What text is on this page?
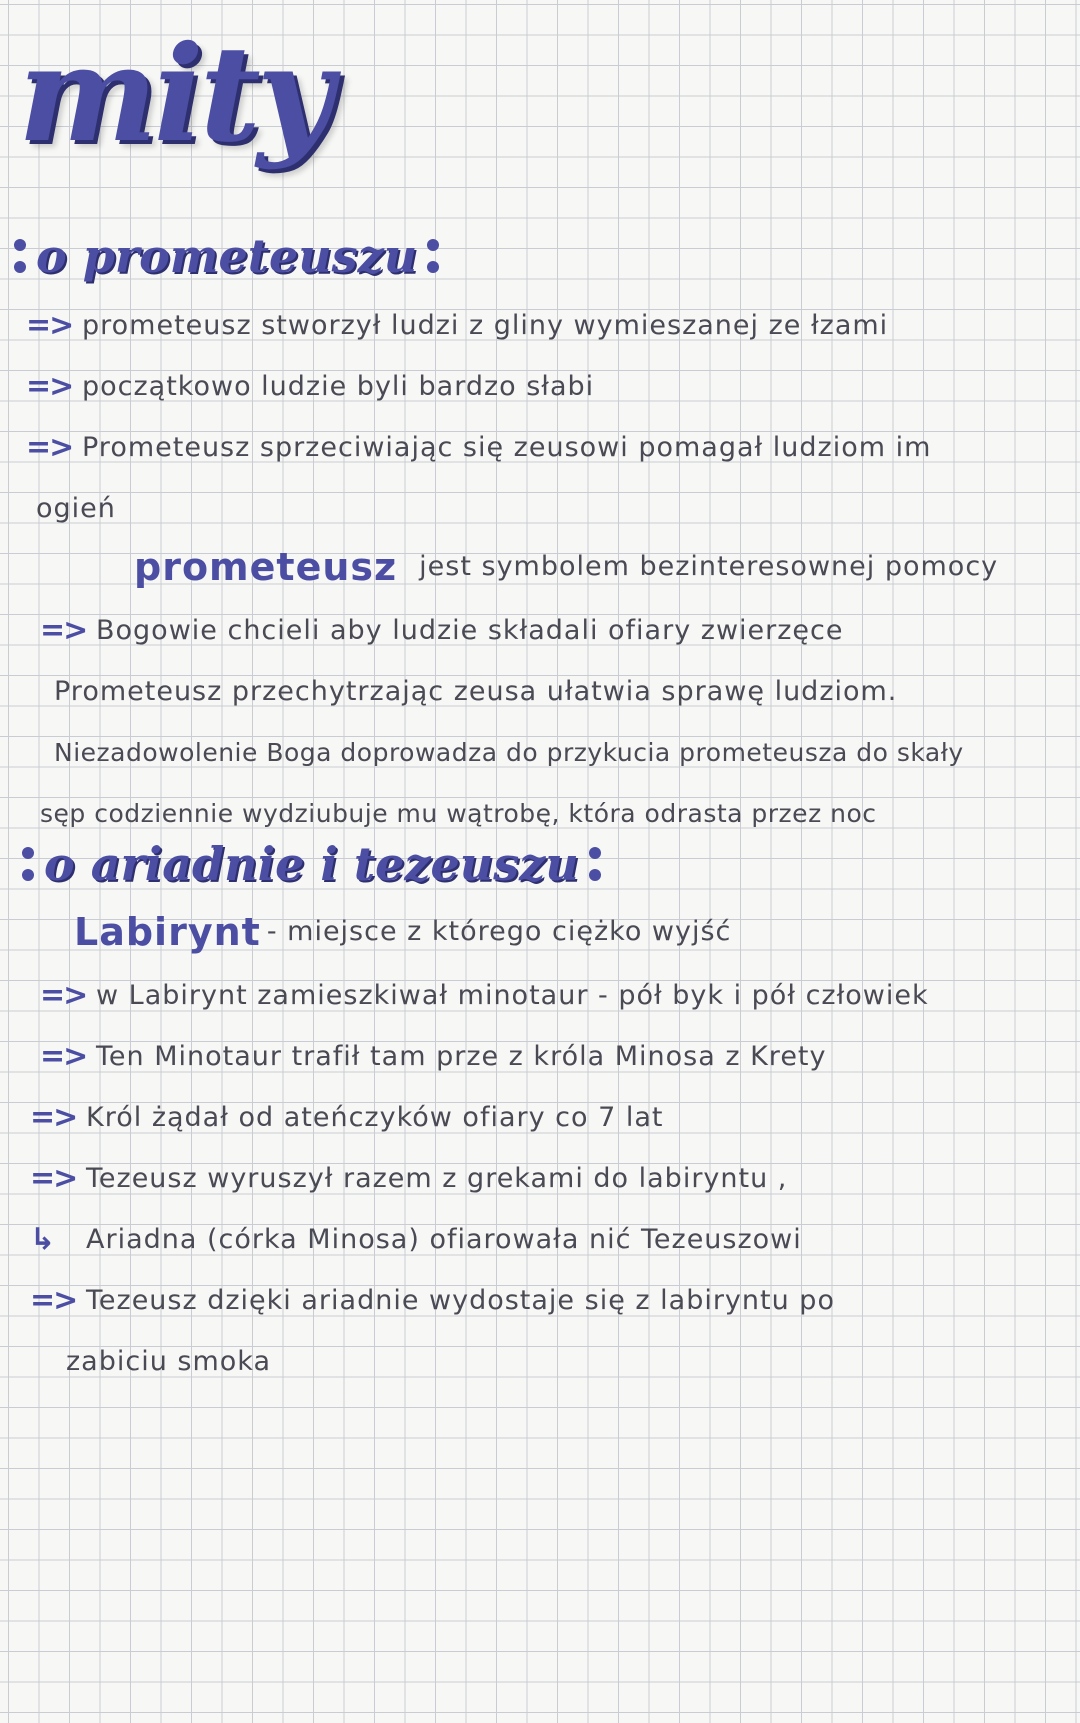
mity
o prometeuszu
=> prometeusz stworzył ludzi z gliny wymieszanej ze łzami
=> początkowo ludzie byli bardzo słabi
=> Prometeusz sprzeciwiając się zeusowi pomagał ludziom im
ogień
prometeusz jest symbolem bezinteresownej pomocy
=> Bogowie chcieli aby ludzie składali ofiary zwierzęce
Prometeusz przechytrzając zeusa ułatwia sprawę ludziom.
Niezadowolenie Boga doprowadza do przykucia prometeusza do skały
sęp codziennie wydziubuje mu wątrobę, która odrasta przez noc
o ariadnie i tezeuszu
Labirynt - miejsce z którego ciężko wyjść
=> w Labirynt zamieszkiwał minotaur - pół byk i pół człowiek
=> Ten Minotaur trafił tam prze z króla Minosa z Krety
=> Król żądał od ateńczyków ofiary co 7 lat
=> Tezeusz wyruszył razem z grekami do labiryntu ,
↳	Ariadna (córka Minosa) ofiarowała nić Tezeuszowi
=> Tezeusz dzięki ariadnie wydostaje się z labiryntu po
zabiciu smoka
